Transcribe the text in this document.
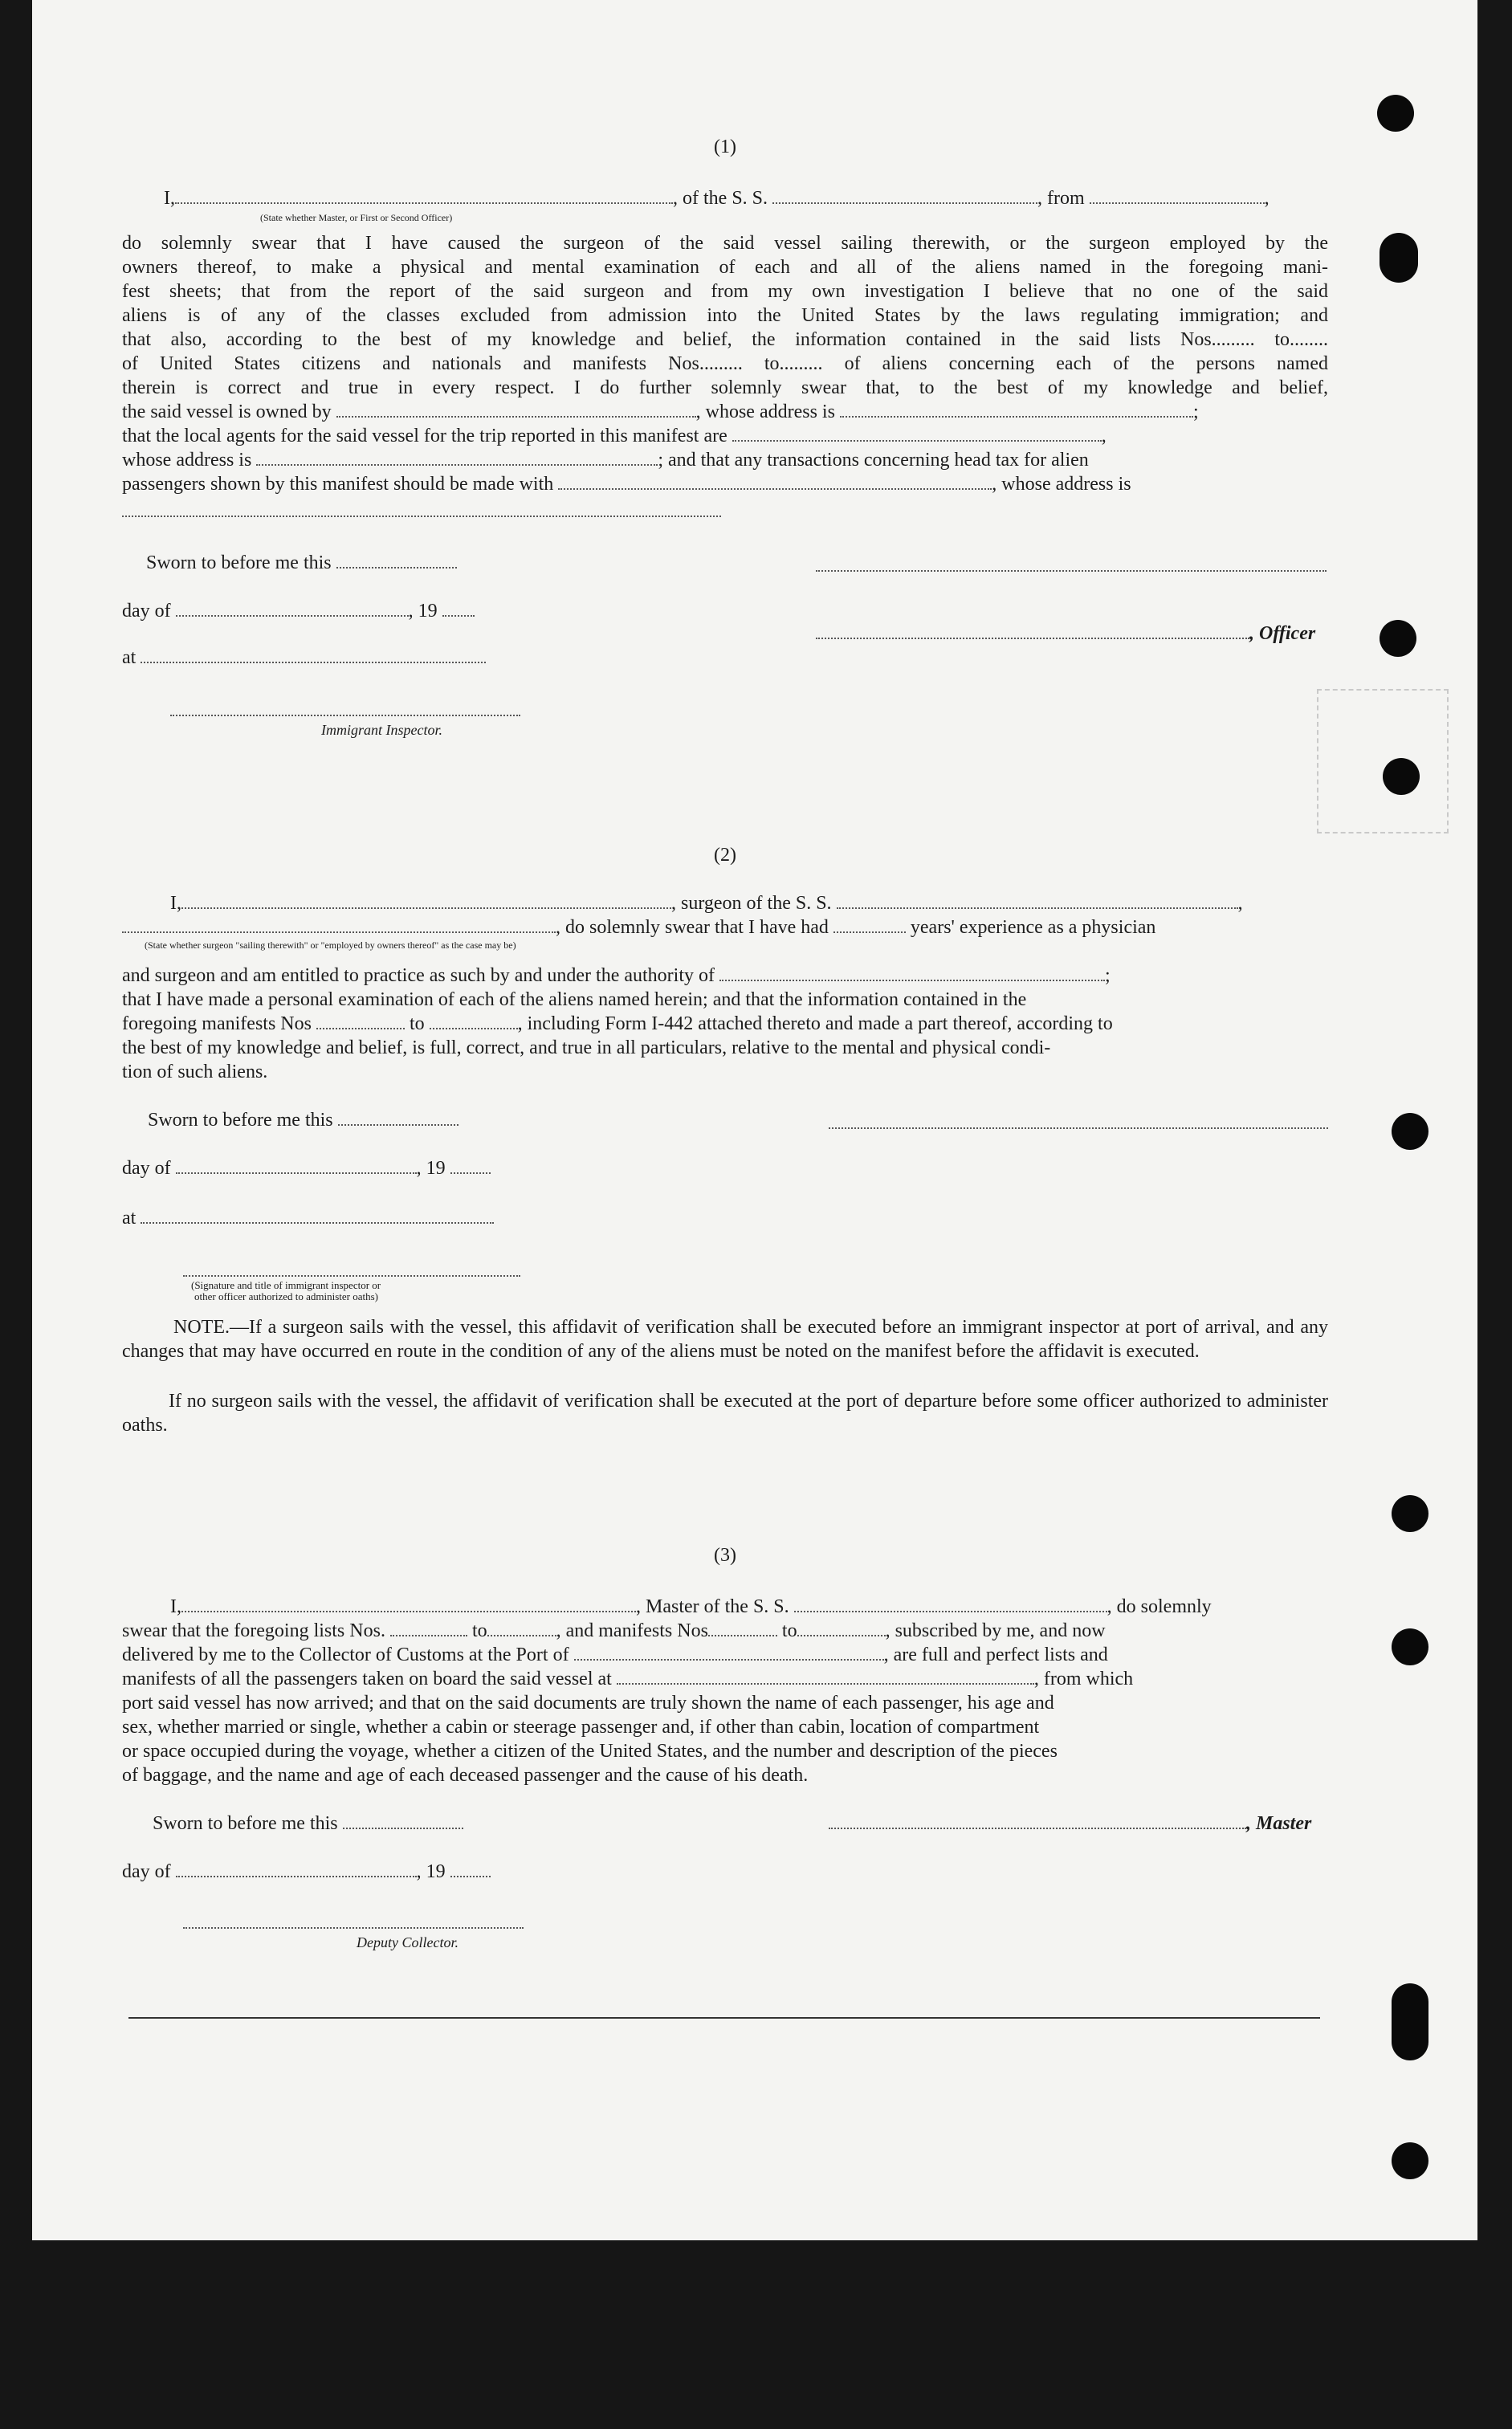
(1)
I,	, of the S. S.	, from	,
(State whether Master, or First or Second Officer)
do solemnly swear that I have caused the surgeon of the said vessel sailing therewith, or the surgeon employed by the
owners thereof, to make a physical and mental examination of each and all of the aliens named in the foregoing mani-
fest sheets; that from the report of the said surgeon and from my own investigation I believe that no one of the said
aliens is of any of the classes excluded from admission into the United States by the laws regulating immigration; and
that also, according to the best of my knowledge and belief, the information contained in the said lists Nos......... to........
of United States citizens and nationals and manifests Nos......... to......... of aliens concerning each of the persons named
therein is correct and true in every respect. I do further solemnly swear that, to the best of my knowledge and belief,
the said vessel is owned by	, whose address is	;
that the local agents for the said vessel for the trip reported in this manifest are	,
whose address is	; and that any transactions concerning head tax for alien
passengers shown by this manifest should be made with	, whose address is
Sworn to before me this
day of	, 19
, Officer
at
Immigrant Inspector.
(2)
I,	, surgeon of the S. S.	,
, do solemnly swear that I have had	years' experience as a physician
(State whether surgeon "sailing therewith" or "employed by owners thereof" as the case may be)
and surgeon and am entitled to practice as such by and under the authority of	;
that I have made a personal examination of each of the aliens named herein; and that the information contained in the
foregoing manifests Nos	to	, including Form I-442 attached thereto and made a part thereof, according to
the best of my knowledge and belief, is full, correct, and true in all particulars, relative to the mental and physical condi-
tion of such aliens.
Sworn to before me this
day of	, 19
at
(Signature and title of immigrant inspector or
other officer authorized to administer oaths)
NOTE.—If a surgeon sails with the vessel, this affidavit of verification shall be executed before an immigrant inspector at port of arrival, and any changes that may have occurred en route in the condition of any of the aliens must be noted on the manifest before the affidavit is executed.
If no surgeon sails with the vessel, the affidavit of verification shall be executed at the port of departure before some officer authorized to administer oaths.
(3)
I,	, Master of the S. S.	, do solemnly
swear that the foregoing lists Nos.	to	, and manifests Nos	to	, subscribed by me, and now
delivered by me to the Collector of Customs at the Port of	, are full and perfect lists and
manifests of all the passengers taken on board the said vessel at	, from which
port said vessel has now arrived; and that on the said documents are truly shown the name of each passenger, his age and
sex, whether married or single, whether a cabin or steerage passenger and, if other than cabin, location of compartment
or space occupied during the voyage, whether a citizen of the United States, and the number and description of the pieces
of baggage, and the name and age of each deceased passenger and the cause of his death.
Sworn to before me this	, Master
day of	, 19
Deputy Collector.
